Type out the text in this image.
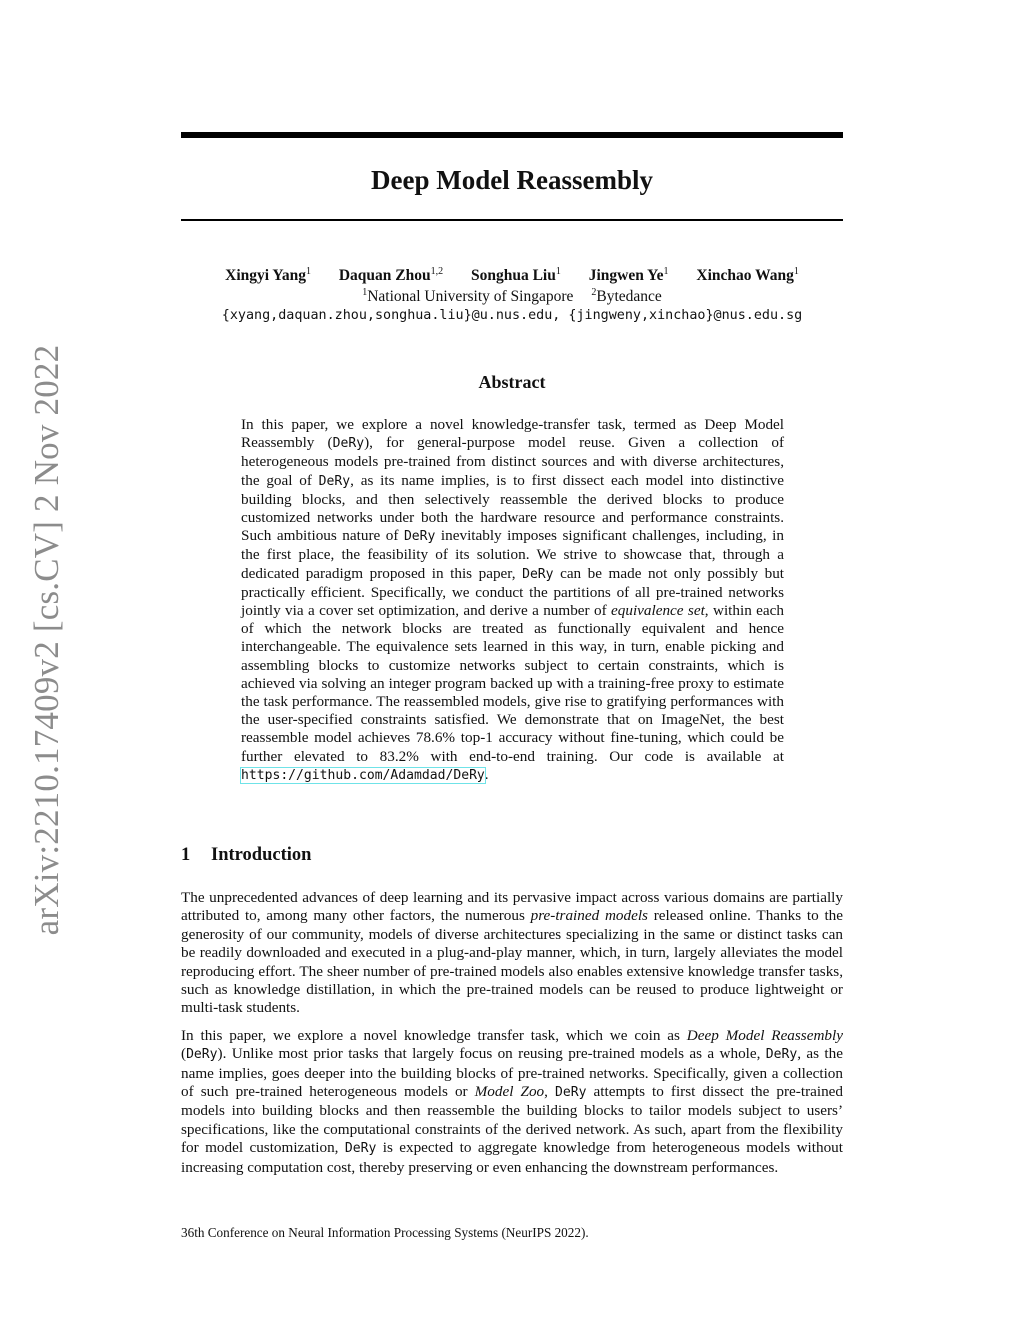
arXiv:2210.17409v2 [cs.CV] 2 Nov 2022
Deep Model Reassembly
Xingyi Yang$^1$ Daquan Zhou$^{1,2}$ Songhua Liu$^1$ Jingwen Ye$^1$ Xinchao Wang$^1$
$^1$National University of Singapore $^2$Bytedance
{xyang,daquan.zhou,songhua.liu}@u.nus.edu, {jingweny,xinchao}@nus.edu.sg
Abstract

In this paper, we explore a novel knowledge-transfer task, termed as Deep Model Reassembly (DeRy), for general-purpose model reuse. Given a collection of heterogeneous models pre-trained from distinct sources and with diverse architectures, the goal of DeRy, as its name implies, is to first dissect each model into distinctive building blocks, and then selectively reassemble the derived blocks to produce customized networks under both the hardware resource and performance constraints. Such ambitious nature of DeRy inevitably imposes significant challenges, including, in the first place, the feasibility of its solution. We strive to showcase that, through a dedicated paradigm proposed in this paper, DeRy can be made not only possibly but practically efficient. Specifically, we conduct the partitions of all pre-trained networks jointly via a cover set optimization, and derive a number of equivalence set, within each of which the network blocks are treated as functionally equivalent and hence interchangeable. The equivalence sets learned in this way, in turn, enable picking and assembling blocks to customize networks subject to certain constraints, which is achieved via solving an integer program backed up with a training-free proxy to estimate the task performance. The reassembled models, give rise to gratifying performances with the user-specified constraints satisfied. We demonstrate that on ImageNet, the best reassemble model achieves 78.6% top-1 accuracy without fine-tuning, which could be further elevated to 83.2% with end-to-end training. Our code is available at https://github.com/Adamdad/DeRy.

1 Introduction

The unprecedented advances of deep learning and its pervasive impact across various domains are partially attributed to, among many other factors, the numerous pre-trained models released online. Thanks to the generosity of our community, models of diverse architectures specializing in the same or distinct tasks can be readily downloaded and executed in a plug-and-play manner, which, in turn, largely alleviates the model reproducing effort. The sheer number of pre-trained models also enables extensive knowledge transfer tasks, such as knowledge distillation, in which the pre-trained models can be reused to produce lightweight or multi-task students.

In this paper, we explore a novel knowledge transfer task, which we coin as Deep Model Reassembly (DeRy). Unlike most prior tasks that largely focus on reusing pre-trained models as a whole, DeRy, as the name implies, goes deeper into the building blocks of pre-trained networks. Specifically, given a collection of such pre-trained heterogeneous models or Model Zoo, DeRy attempts to first dissect the pre-trained models into building blocks and then reassemble the building blocks to tailor models subject to users’ specifications, like the computational constraints of the derived network. As such, apart from the flexibility for model customization, DeRy is expected to aggregate knowledge from heterogeneous models without increasing computation cost, thereby preserving or even enhancing the downstream performances.

36th Conference on Neural Information Processing Systems (NeurIPS 2022).
